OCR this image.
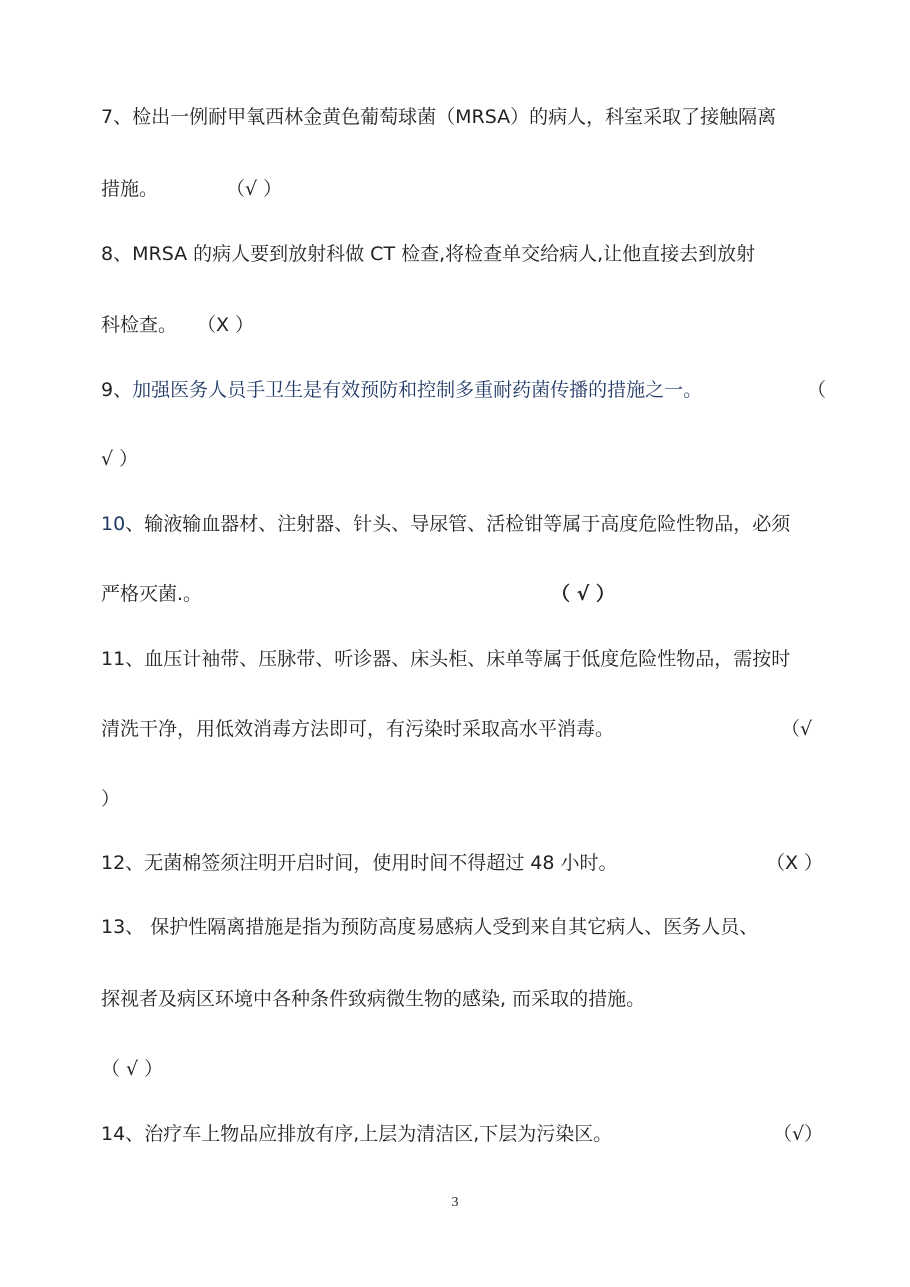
7、检出一例耐甲氧西林金黄色葡萄球菌（MRSA）的病人，科室采取了接触隔离
措施。	（√ ）
8、MRSA 的病人要到放射科做 CT 检查,将检查单交给病人,让他直接去到放射
科检查。 （X ）
9、加强医务人员手卫生是有效预防和控制多重耐药菌传播的措施之一。	（
√ ）
10、输液输血器材、注射器、针头、导尿管、活检钳等属于高度危险性物品，必须
严格灭菌.。	（ √ ）
11、血压计袖带、压脉带、听诊器、床头柜、床单等属于低度危险性物品，需按时
清洗干净，用低效消毒方法即可，有污染时采取高水平消毒。	（√
）
12、无菌棉签须注明开启时间，使用时间不得超过 48 小时。	（X ）
13、 保护性隔离措施是指为预防高度易感病人受到来自其它病人、医务人员、
探视者及病区环境中各种条件致病微生物的感染, 而采取的措施。
（ √ ）
14、治疗车上物品应排放有序,上层为清洁区,下层为污染区。	（√）
3
